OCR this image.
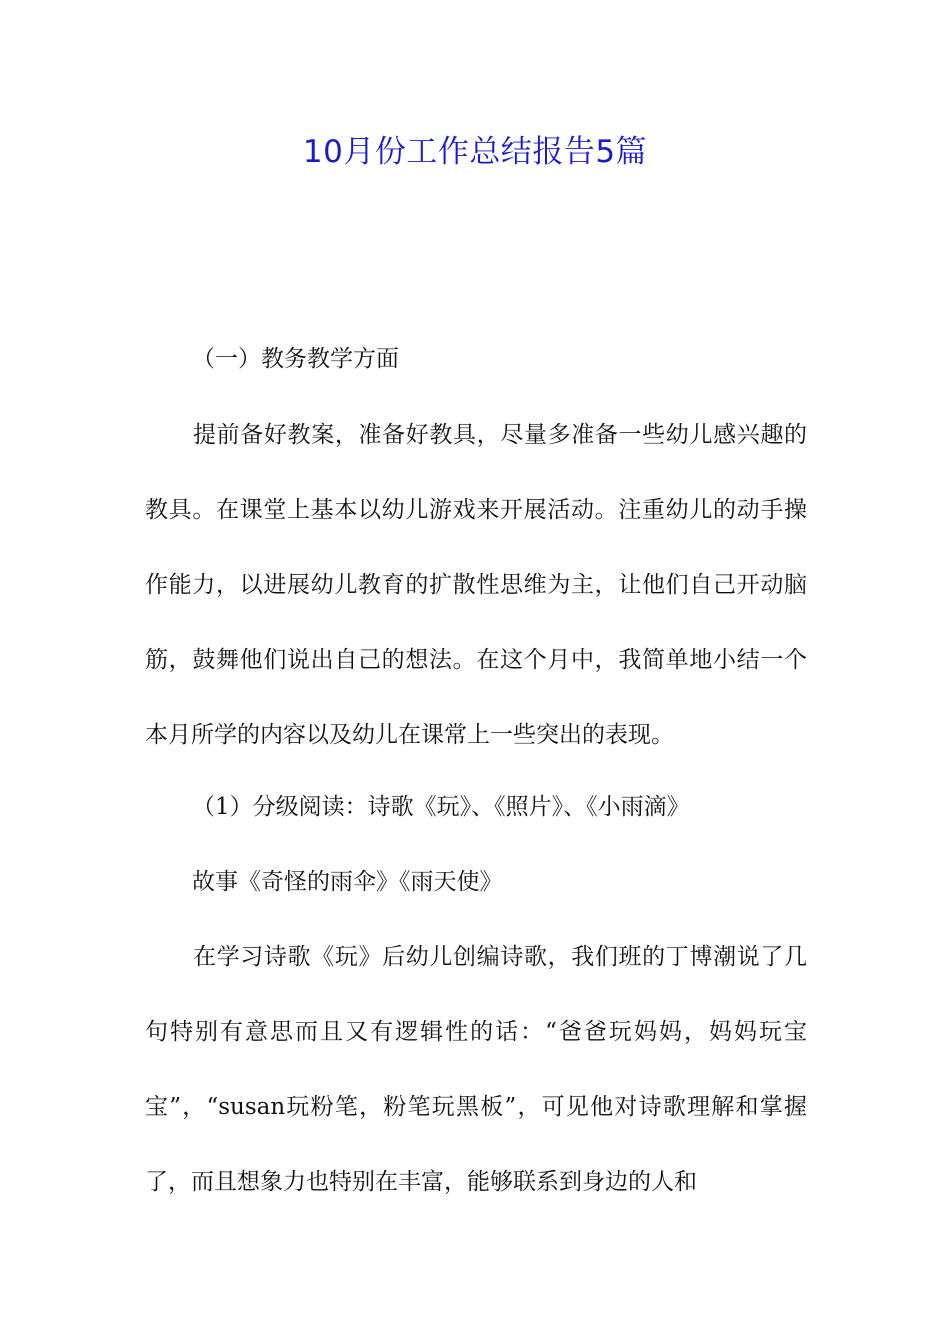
10月份工作总结报告5篇
（一）教务教学方面

提前备好教案，准备好教具，尽量多准备一些幼儿感兴趣的教具。在课堂上基本以幼儿游戏来开展活动。注重幼儿的动手操作能力，以进展幼儿教育的扩散性思维为主，让他们自己开动脑筋，鼓舞他们说出自己的想法。在这个月中，我简单地小结一个本月所学的内容以及幼儿在课常上一些突出的表现。

（1）分级阅读：诗歌《玩》、《照片》、《小雨滴》

故事《奇怪的雨伞》《雨天使》

在学习诗歌《玩》后幼儿创编诗歌，我们班的丁博潮说了几句特别有意思而且又有逻辑性的话：“爸爸玩妈妈，妈妈玩宝宝”，“susan玩粉笔，粉笔玩黑板”，可见他对诗歌理解和掌握了，而且想象力也特别在丰富，能够联系到身边的人和
